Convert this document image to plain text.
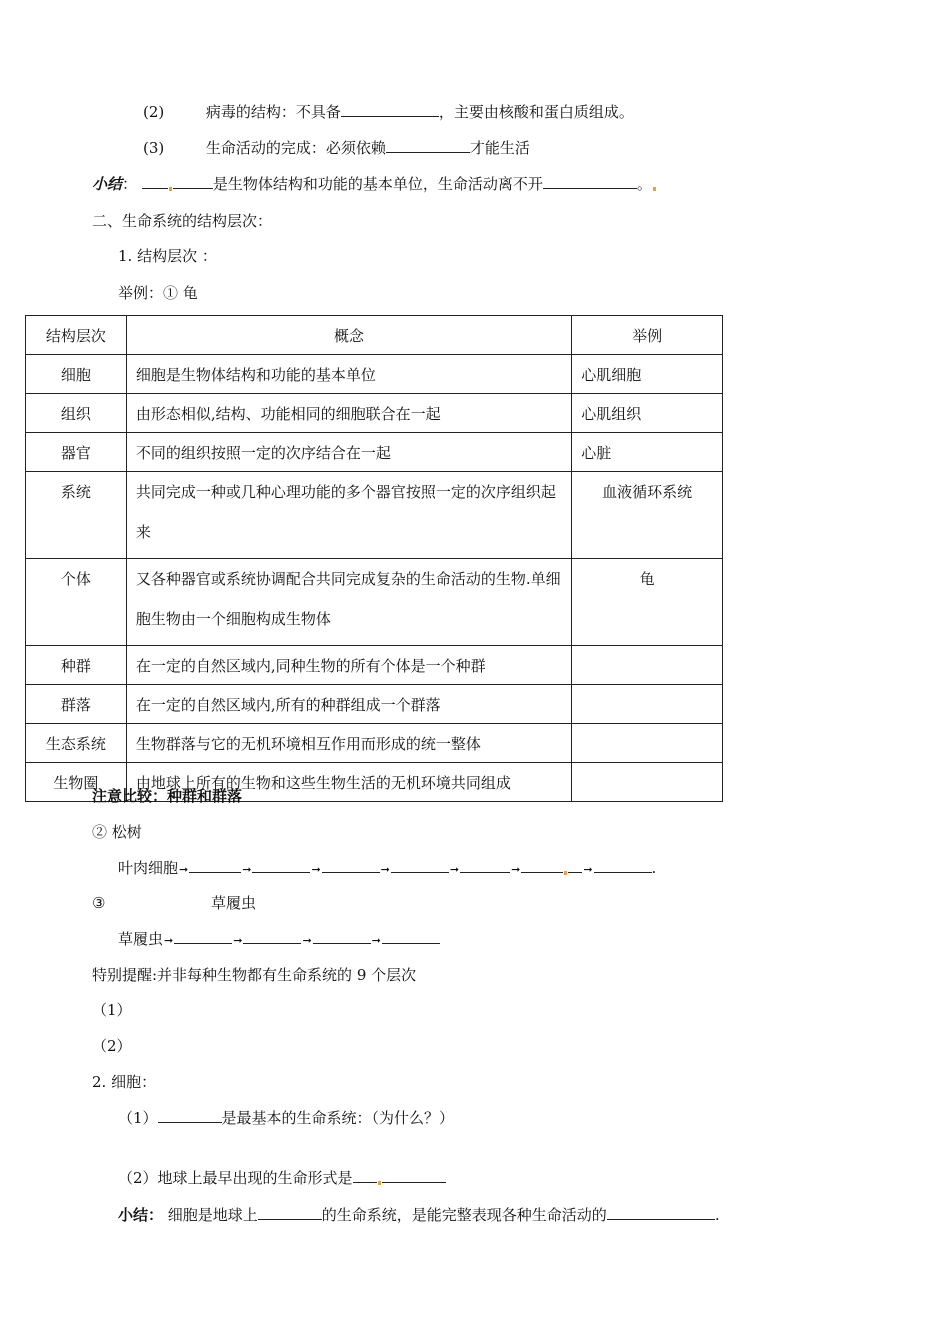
(2)	病毒的结构：不具备	，主要由核酸和蛋白质组成。
(3)	生命活动的完成：必须依赖	才能生活
小结：	是生物体结构和功能的基本单位，生命活动离不开	。
二、生命系统的结构层次：
1. 结构层次 ：
举例：① 龟
结构层次	概念	举例
细胞	细胞是生物体结构和功能的基本单位	心肌细胞
组织	由形态相似,结构、功能相同的细胞联合在一起	心肌组织
器官	不同的组织按照一定的次序结合在一起	心脏
系统	共同完成一种或几种心理功能的多个器官按照一定的次序组织起来	血液循环系统
个体	又各种器官或系统协调配合共同完成复杂的生命活动的生物.单细胞生物由一个细胞构成生物体	龟
种群	在一定的自然区域内,同种生物的所有个体是一个种群	
群落	在一定的自然区域内,所有的种群组成一个群落	
生态系统	生物群落与它的无机环境相互作用而形成的统一整体	
生物圈	由地球上所有的生物和这些生物生活的无机环境共同组成	
注意比较：种群和群落
② 松树
叶肉细胞➞	➞	➞	➞	➞	➞	➞	.
③	草履虫
草履虫➞	➞	➞	➞
特别提醒:并非每种生物都有生命系统的 9 个层次
（1）
（2）
2. 细胞：
（1）	是最基本的生命系统：（为什么？）
（2）地球上最早出现的生命形式是
小结： 细胞是地球上	的生命系统，是能完整表现各种生命活动的	.
